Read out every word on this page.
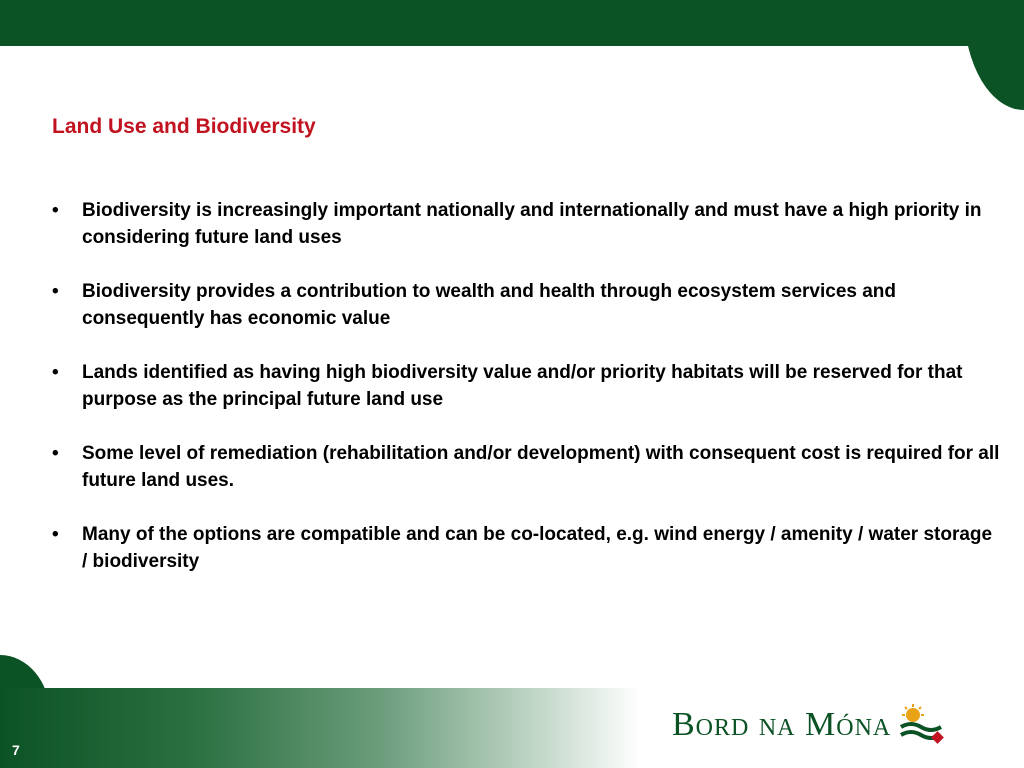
Land Use and Biodiversity
• Biodiversity is increasingly important nationally and internationally and must have a high priority in considering future land uses
• Biodiversity provides a contribution to wealth and health through ecosystem services and consequently has economic value
• Lands identified as having high biodiversity value and/or priority habitats will be reserved for that purpose as the principal future land use
• Some level of remediation (rehabilitation and/or development) with consequent cost is required for all future land uses.
• Many of the options are compatible and can be co-located, e.g. wind energy / amenity / water storage / biodiversity
7
Bord na Móna
